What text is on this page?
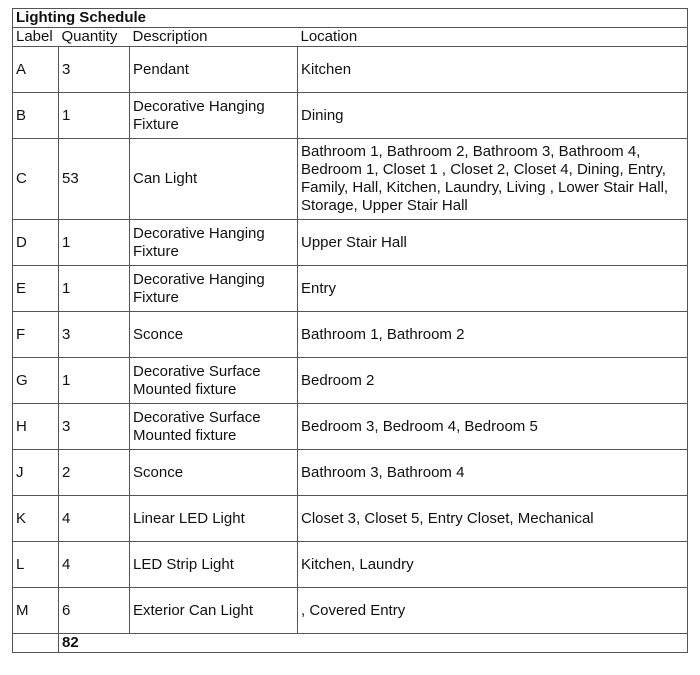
Lighting Schedule			
Label	Quantity	Description	Location
A	3	Pendant	Kitchen
B	1	Decorative Hanging Fixture	Dining
C	53	Can Light	Bathroom 1, Bathroom 2, Bathroom 3, Bathroom 4, Bedroom 1, Closet 1 , Closet 2, Closet 4, Dining, Entry, Family, Hall, Kitchen, Laundry, Living , Lower Stair Hall, Storage, Upper Stair Hall
D	1	Decorative Hanging Fixture	Upper Stair Hall
E	1	Decorative Hanging Fixture	Entry
F	3	Sconce	Bathroom 1, Bathroom 2
G	1	Decorative Surface Mounted fixture	Bedroom 2
H	3	Decorative Surface Mounted fixture	Bedroom 3, Bedroom 4, Bedroom 5
J	2	Sconce	Bathroom 3, Bathroom 4
K	4	Linear LED Light	Closet 3, Closet 5, Entry Closet, Mechanical
L	4	LED Strip Light	Kitchen, Laundry
M	6	Exterior Can Light	, Covered Entry
	82		
